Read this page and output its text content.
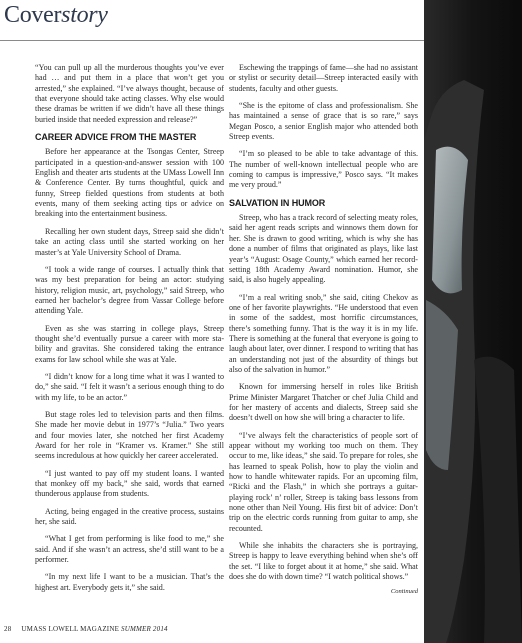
Coverstory

“You can pull up all the murderous thoughts you’ve ever had … and put them in a place that won’t get you arrested,” she explained. “I’ve always thought, because of that everyone should take acting classes. Why else would these dramas be written if we didn’t have all these things buried inside that needed expression and release?”

CAREER ADVICE FROM THE MASTER

Before her appearance at the Tsongas Center, Streep participated in a question-and-answer session with 100 English and theater arts students at the UMass Lowell Inn & Conference Center. By turns thoughtful, quick and funny, Streep fielded questions from students at both events, many of them seeking acting tips or advice on breaking into the entertainment business.

Recalling her own student days, Streep said she didn’t take an acting class until she started working on her master’s at Yale University School of Drama.

“I took a wide range of courses. I actually think that was my best preparation for being an actor: studying history, religion music, art, psychology,” said Streep, who earned her bachelor’s degree from Vassar College before attending Yale.

Even as she was starring in college plays, Streep thought she’d eventually pursue a career with more stability and gravitas. She considered taking the entrance exams for law school while she was at Yale.

“I didn’t know for a long time what it was I wanted to do,” she said. “I felt it wasn’t a serious enough thing to do with my life, to be an actor.”

But stage roles led to television parts and then films. She made her movie debut in 1977’s “Julia.” Two years and four movies later, she notched her first Academy Award for her role in “Kramer vs. Kramer.” She still seems incredulous at how quickly her career accelerated.

“I just wanted to pay off my student loans. I wanted that monkey off my back,” she said, words that earned thunderous applause from students.

Acting, being engaged in the creative process, sustains her, she said.

“What I get from performing is like food to me,” she said. And if she wasn’t an actress, she’d still want to be a performer.

“In my next life I want to be a musician. That’s the highest art. Everybody gets it,” she said.

Eschewing the trappings of fame—she had no assistant or stylist or security detail—Streep interacted easily with students, faculty and other guests.

“She is the epitome of class and professionalism. She has maintained a sense of grace that is so rare,” says Megan Posco, a senior English major who attended both Streep events.

“I’m so pleased to be able to take advantage of this. The number of well-known intellectual people who are coming to campus is impressive,” Posco says. “It makes me very proud.”

SALVATION IN HUMOR

Streep, who has a track record of selecting meaty roles, said her agent reads scripts and winnows them down for her. She is drawn to good writing, which is why she has done a number of films that originated as plays, like last year’s “August: Osage County,” which earned her record-setting 18th Academy Award nomination. Humor, she said, is also hugely appealing.

“I’m a real writing snob,” she said, citing Chekov as one of her favorite playwrights. “He understood that even in some of the saddest, most horrific circumstances, there’s something funny. That is the way it is in my life. There is something at the funeral that everyone is going to laugh about later, over dinner. I respond to writing that has an understanding not just of the absurdity of things but also of the salvation in humor.”

Known for immersing herself in roles like British Prime Minister Margaret Thatcher or chef Julia Child and for her mastery of accents and dialects, Streep said she doesn’t dwell on how she will bring a character to life.

“I’ve always felt the characteristics of people sort of appear without my working too much on them. They occur to me, like ideas,” she said. To prepare for roles, she has learned to speak Polish, how to play the violin and how to handle whitewater rapids. For an upcoming film, “Ricki and the Flash,” in which she portrays a guitar-playing rock’ n’ roller, Streep is taking bass lessons from none other than Neil Young. His first bit of advice: Don’t trip on the electric cords running from guitar to amp, she recounted.

While she inhabits the characters she is portraying, Streep is happy to leave everything behind when she’s off the set. “I like to forget about it at home,” she said. What does she do with down time? “I watch political shows.”

Continued
28 UMASS LOWELL MAGAZINE SUMMER 2014
